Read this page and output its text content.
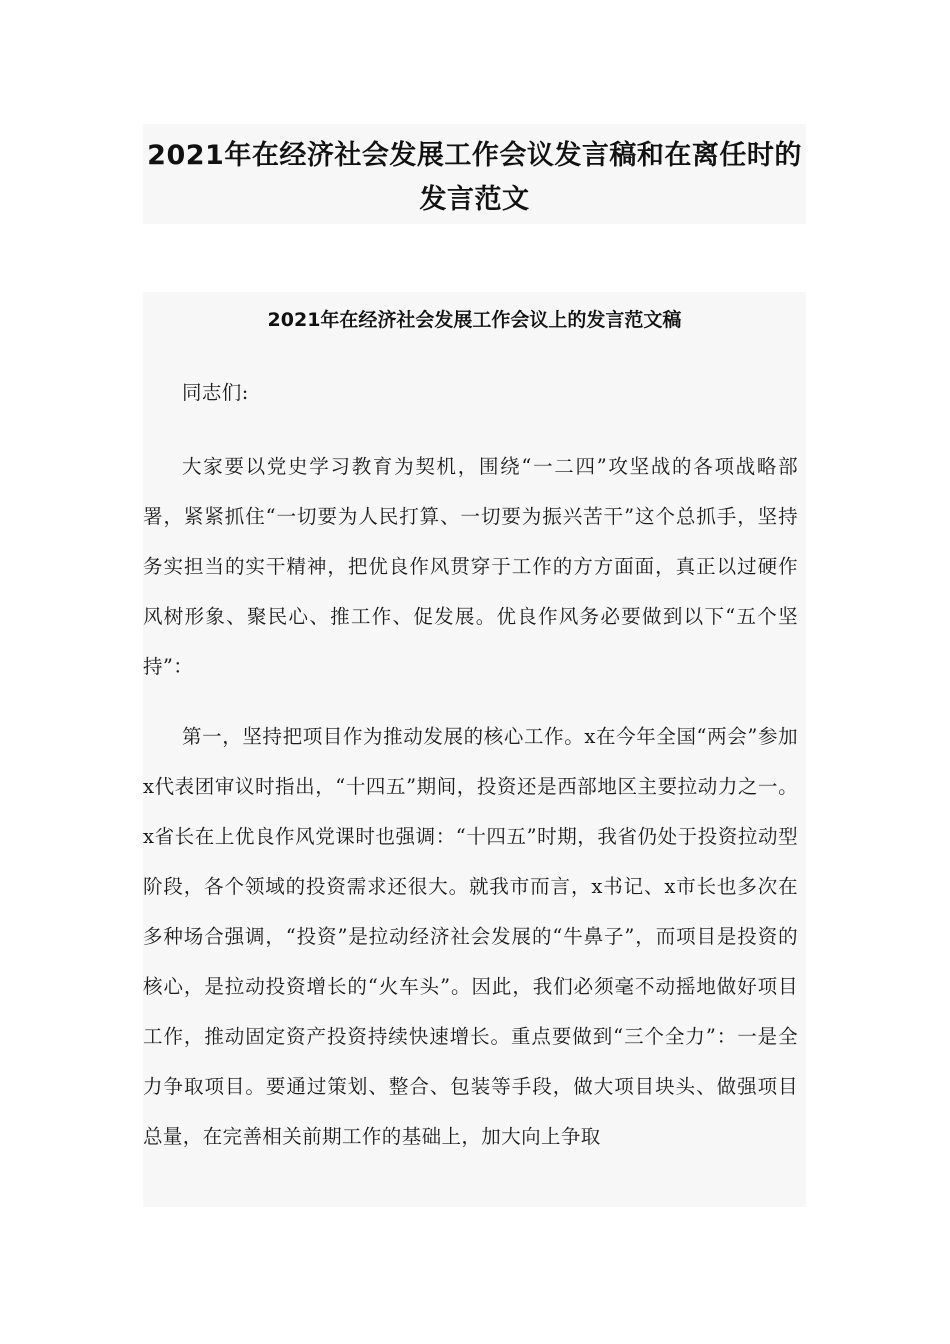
2021年在经济社会发展工作会议发言稿和在离任时的发言范文
2021年在经济社会发展工作会议上的发言范文稿

同志们:

大家要以党史学习教育为契机，围绕“一二四”攻坚战的各项战略部署，紧紧抓住“一切要为人民打算、一切要为振兴苦干”这个总抓手，坚持务实担当的实干精神，把优良作风贯穿于工作的方方面面，真正以过硬作风树形象、聚民心、推工作、促发展。优良作风务必要做到以下“五个坚持”：

第一，坚持把项目作为推动发展的核心工作。x在今年全国“两会”参加x代表团审议时指出，“十四五”期间，投资还是西部地区主要拉动力之一。x省长在上优良作风党课时也强调：“十四五”时期，我省仍处于投资拉动型阶段，各个领域的投资需求还很大。就我市而言，x书记、x市长也多次在多种场合强调，“投资”是拉动经济社会发展的“牛鼻子”，而项目是投资的核心，是拉动投资增长的“火车头”。因此，我们必须毫不动摇地做好项目工作，推动固定资产投资持续快速增长。重点要做到“三个全力”：一是全力争取项目。要通过策划、整合、包装等手段，做大项目块头、做强项目总量，在完善相关前期工作的基础上，加大向上争取
